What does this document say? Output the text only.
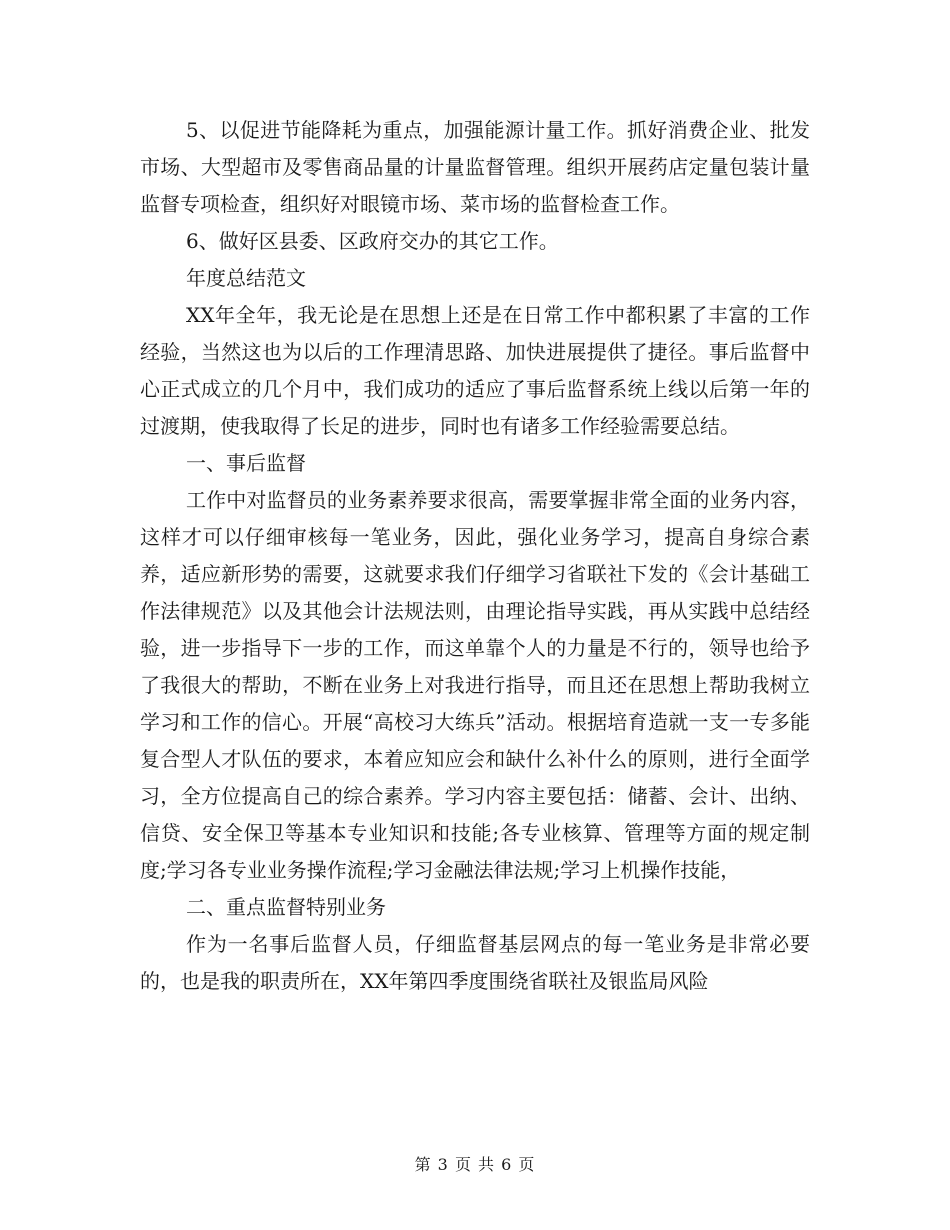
5、以促进节能降耗为重点，加强能源计量工作。抓好消费企业、批发市场、大型超市及零售商品量的计量监督管理。组织开展药店定量包装计量监督专项检查，组织好对眼镜市场、菜市场的监督检查工作。

6、做好区县委、区政府交办的其它工作。

年度总结范文

XX年全年，我无论是在思想上还是在日常工作中都积累了丰富的工作经验，当然这也为以后的工作理清思路、加快进展提供了捷径。事后监督中心正式成立的几个月中，我们成功的适应了事后监督系统上线以后第一年的过渡期，使我取得了长足的进步，同时也有诸多工作经验需要总结。

一、事后监督

工作中对监督员的业务素养要求很高，需要掌握非常全面的业务内容，这样才可以仔细审核每一笔业务，因此，强化业务学习，提高自身综合素养，适应新形势的需要，这就要求我们仔细学习省联社下发的《会计基础工作法律规范》以及其他会计法规法则，由理论指导实践，再从实践中总结经验，进一步指导下一步的工作，而这单靠个人的力量是不行的，领导也给予了我很大的帮助，不断在业务上对我进行指导，而且还在思想上帮助我树立学习和工作的信心。开展“高校习大练兵”活动。根据培育造就一支一专多能复合型人才队伍的要求，本着应知应会和缺什么补什么的原则，进行全面学习，全方位提高自己的综合素养。学习内容主要包括：储蓄、会计、出纳、信贷、安全保卫等基本专业知识和技能;各专业核算、管理等方面的规定制度;学习各专业业务操作流程;学习金融法律法规;学习上机操作技能，

二、重点监督特别业务

作为一名事后监督人员，仔细监督基层网点的每一笔业务是非常必要的，也是我的职责所在，XX年第四季度围绕省联社及银监局风险

第 3 页 共 6 页
